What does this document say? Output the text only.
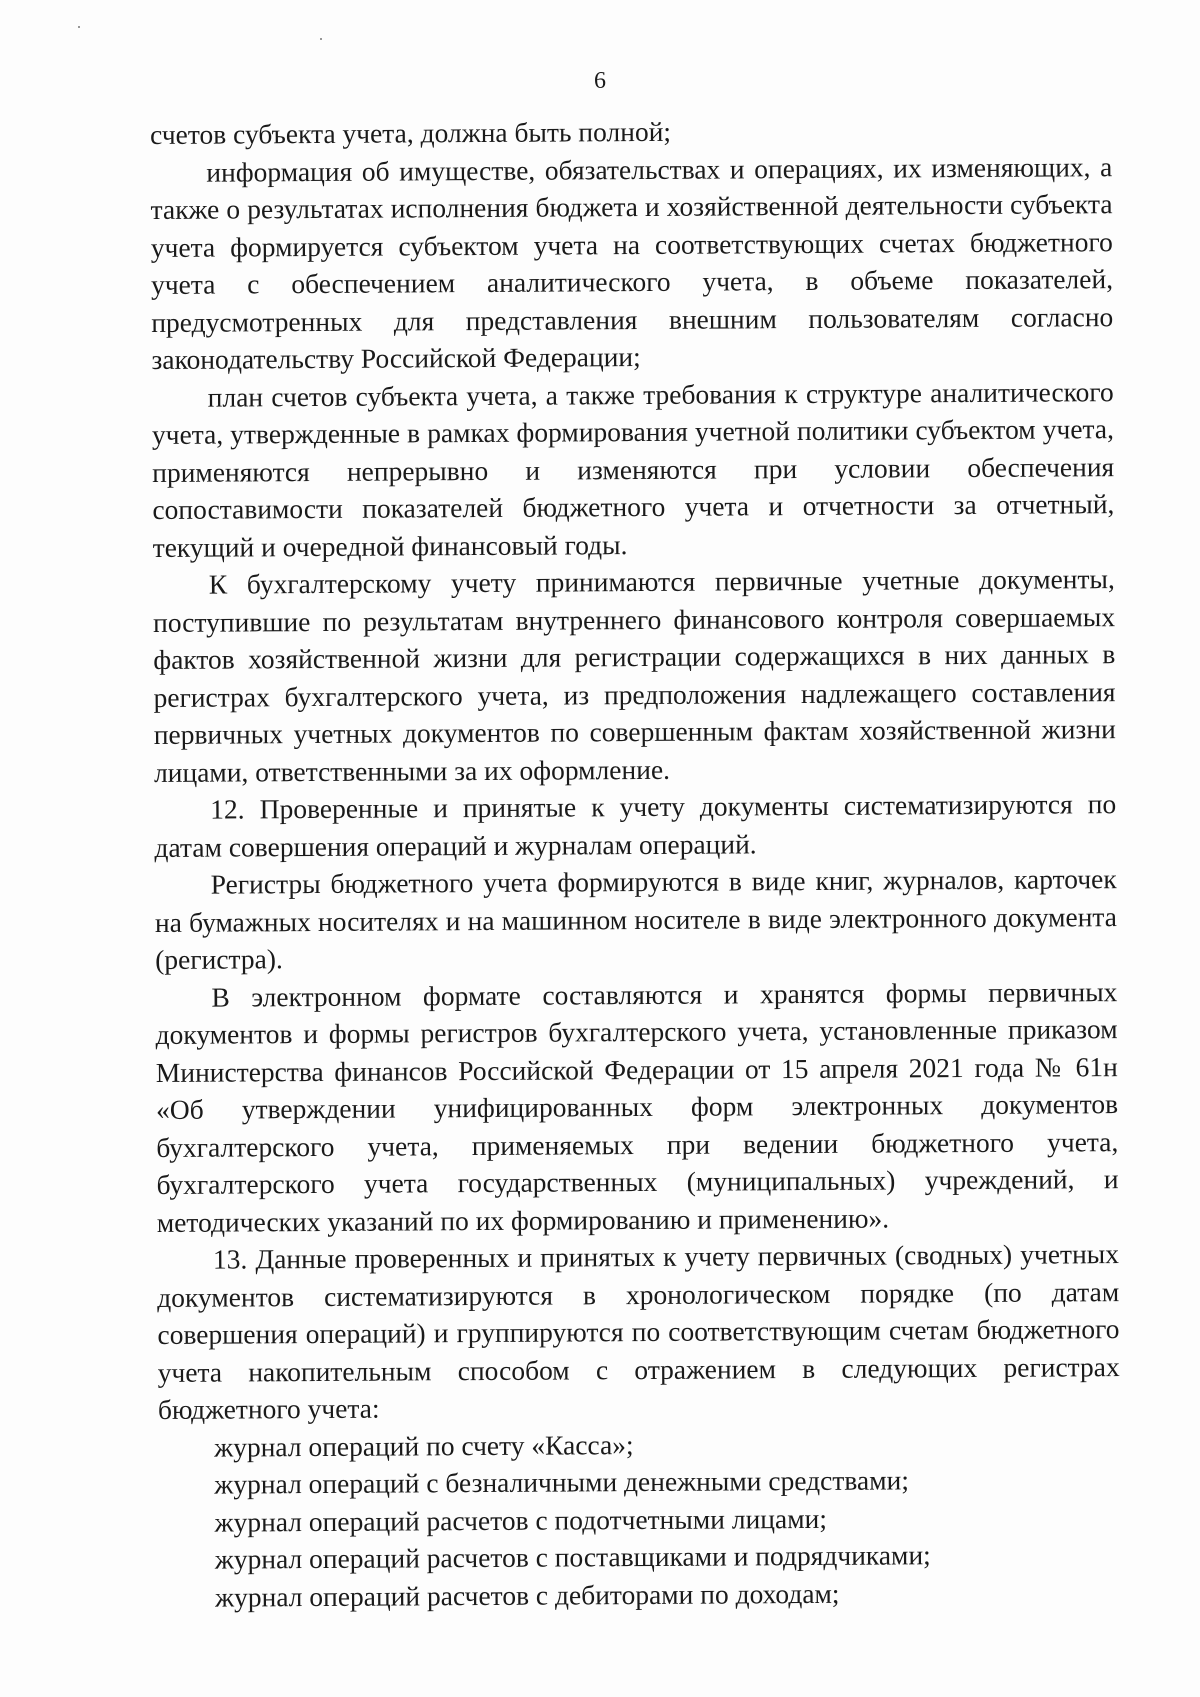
6

счетов субъекта учета, должна быть полной;

информация об имуществе, обязательствах и операциях, их изменяющих, а также о результатах исполнения бюджета и хозяйственной деятельности субъекта учета формируется субъектом учета на соответствующих счетах бюджетного учета с обеспечением аналитического учета, в объеме показателей, предусмотренных для представления внешним пользователям согласно законодательству Российской Федерации;

план счетов субъекта учета, а также требования к структуре аналитического учета, утвержденные в рамках формирования учетной политики субъектом учета, применяются непрерывно и изменяются при условии обеспечения сопоставимости показателей бюджетного учета и отчетности за отчетный, текущий и очередной финансовый годы.

К бухгалтерскому учету принимаются первичные учетные документы, поступившие по результатам внутреннего финансового контроля совершаемых фактов хозяйственной жизни для регистрации содержащихся в них данных в регистрах бухгалтерского учета, из предположения надлежащего составления первичных учетных документов по совершенным фактам хозяйственной жизни лицами, ответственными за их оформление.

12. Проверенные и принятые к учету документы систематизируются по датам совершения операций и журналам операций.

Регистры бюджетного учета формируются в виде книг, журналов, карточек на бумажных носителях и на машинном носителе в виде электронного документа (регистра).

В электронном формате составляются и хранятся формы первичных документов и формы регистров бухгалтерского учета, установленные приказом Министерства финансов Российской Федерации от 15 апреля 2021 года № 61н «Об утверждении унифицированных форм электронных документов бухгалтерского учета, применяемых при ведении бюджетного учета, бухгалтерского учета государственных (муниципальных) учреждений, и методических указаний по их формированию и применению».

13. Данные проверенных и принятых к учету первичных (сводных) учетных документов систематизируются в хронологическом порядке (по датам совершения операций) и группируются по соответствующим счетам бюджетного учета накопительным способом с отражением в следующих регистрах бюджетного учета:

журнал операций по счету «Касса»;

журнал операций с безналичными денежными средствами;

журнал операций расчетов с подотчетными лицами;

журнал операций расчетов с поставщиками и подрядчиками;

журнал операций расчетов с дебиторами по доходам;
